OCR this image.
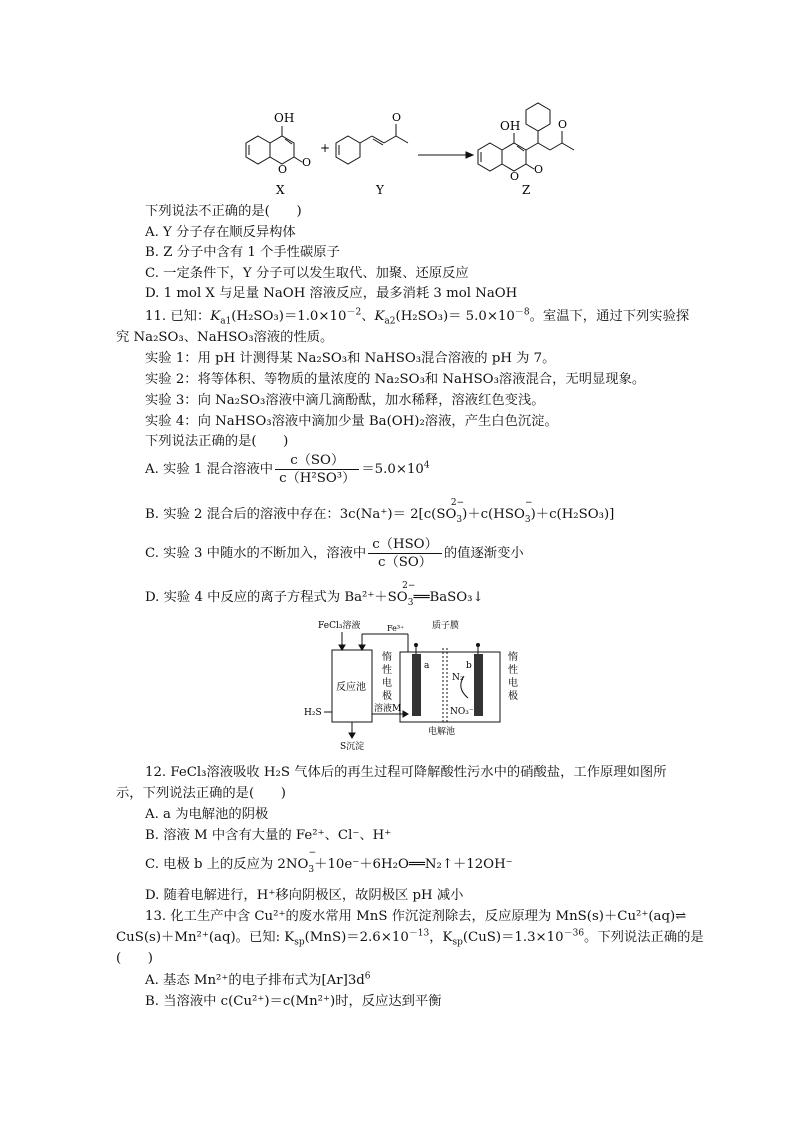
OH
O
O
X
+
O
Y
OH
O
O
O
Z
下列说法不正确的是(　　)
A. Y 分子存在顺反异构体
B. Z 分子中含有 1 个手性碳原子
C. 一定条件下，Y 分子可以发生取代、加聚、还原反应
D. 1 mol X 与足量 NaOH 溶液反应，最多消耗 3 mol NaOH
11. 已知：$K_{a1}(H_2SO_3)=1.0\times 10^{-2}$、$K_{a2}(H_2SO_3)= 5.0\times 10^{-8}$。室温下，通过下列实验探
究 Na₂SO₃、NaHSO₃溶液的性质。
实验 1：用 pH 计测得某 Na₂SO₃和 NaHSO₃混合溶液的 pH 为 7。
实验 2：将等体积、等物质的量浓度的 Na₂SO₃和 NaHSO₃溶液混合，无明显现象。
实验 3：向 Na₂SO₃溶液中滴几滴酚酞，加水稀释，溶液红色变浅。
实验 4：向 NaHSO₃溶液中滴加少量 Ba(OH)₂溶液，产生白色沉淀。
下列说法正确的是(　　)
A. 实验 1 混合溶液中 $\frac{c(SO)}{\text{c（H²SO³）}} =5.0\times 10^4$
B. 实验 2 混合后的溶液中存在：$3c(Na^+)= 2[c(SO_3$
2−
)$+c(HSO_3$
−
)＋c(H₂SO₃)]
C. 实验 3 中随水的不断加入，溶液中 $\frac{\text{c（HSO）}}{c(SO)}$ 的值逐渐变小
D. 实验 4 中反应的离子方程式为 $Ba^{2+}+SO_3$
2−
══BaSO₃↓
FeCl₃溶液	Fe³⁺	质子膜
反应池
a	b
N₂
NO₃⁻
H₂S	溶液M
S沉淀
电解池
惰
性
电
极
惰
性
电
极
12. FeCl₃溶液吸收 H₂S 气体后的再生过程可降解酸性污水中的硝酸盐，工作原理如图所
示，下列说法正确的是(　　)
A. a 为电解池的阴极
B. 溶液 M 中含有大量的 Fe²⁺、Cl⁻、H⁺
C. 电极 b 上的反应为 $2NO_3$
−
＋10e⁻＋6H₂O══N₂↑＋12OH⁻
D. 随着电解进行，H⁺移向阴极区，故阴极区 pH 减小
13. 化工生产中含 Cu²⁺的废水常用 MnS 作沉淀剂除去，反应原理为 MnS(s)＋Cu²⁺(aq)⇌
CuS(s)＋Mn²⁺(aq)。已知: $K_{sp}(MnS)=2.6\times 10^{-13}$，$K_{sp}(CuS)=1.3\times 10^{-36}$。下列说法正确的是
(　　)
A. 基态 Mn²⁺的电子排布式为$[Ar]3d^6$
B. 当溶液中 c(Cu²⁺)＝c(Mn²⁺)时，反应达到平衡
